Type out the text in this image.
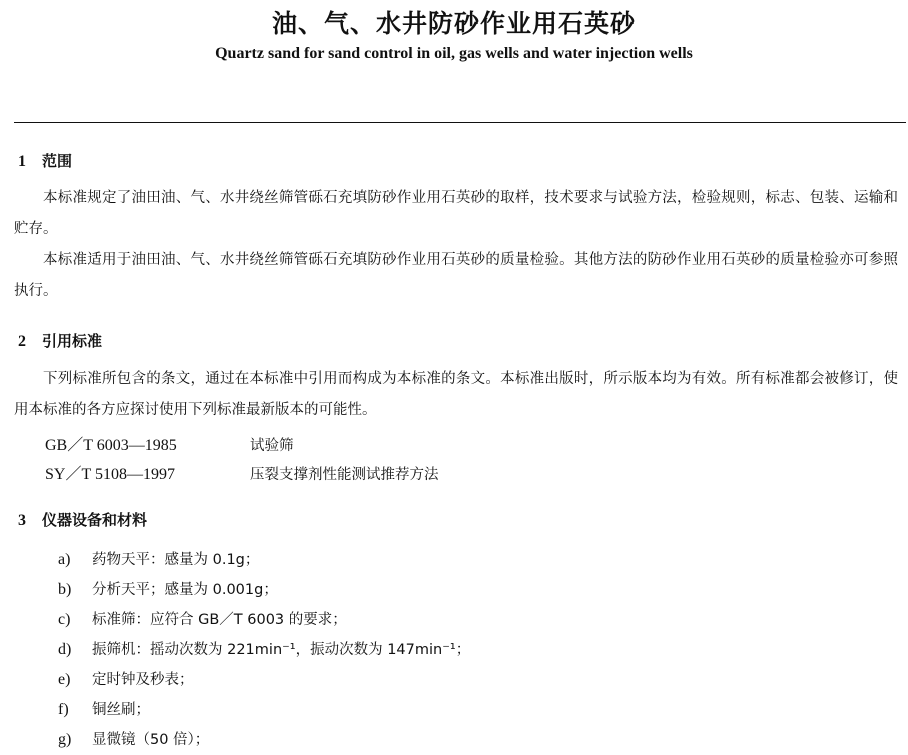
油、气、水井防砂作业用石英砂
Quartz sand for sand control in oil, gas wells and water injection wells
1 范围

本标准规定了油田油、气、水井绕丝筛管砾石充填防砂作业用石英砂的取样，技术要求与试验方法，检验规则，标志、包装、运输和贮存。

本标准适用于油田油、气、水井绕丝筛管砾石充填防砂作业用石英砂的质量检验。其他方法的防砂作业用石英砂的质量检验亦可参照执行。

2 引用标准

下列标准所包含的条文，通过在本标准中引用而构成为本标准的条文。本标准出版时，所示版本均为有效。所有标准都会被修订，使用本标准的各方应探讨使用下列标准最新版本的可能性。

GB／T 6003—1985	试验筛
SY／T 5108—1997	压裂支撑剂性能测试推荐方法
3 仪器设备和材料
a) 药物天平：感量为 0.1g；
b) 分析天平；感量为 0.001g；
c) 标准筛：应符合 GB／T 6003 的要求；
d) 振筛机：摇动次数为 221min⁻¹，振动次数为 147min⁻¹；
e) 定时钟及秒表；
f) 铜丝刷；
g) 显微镜（50 倍）；
